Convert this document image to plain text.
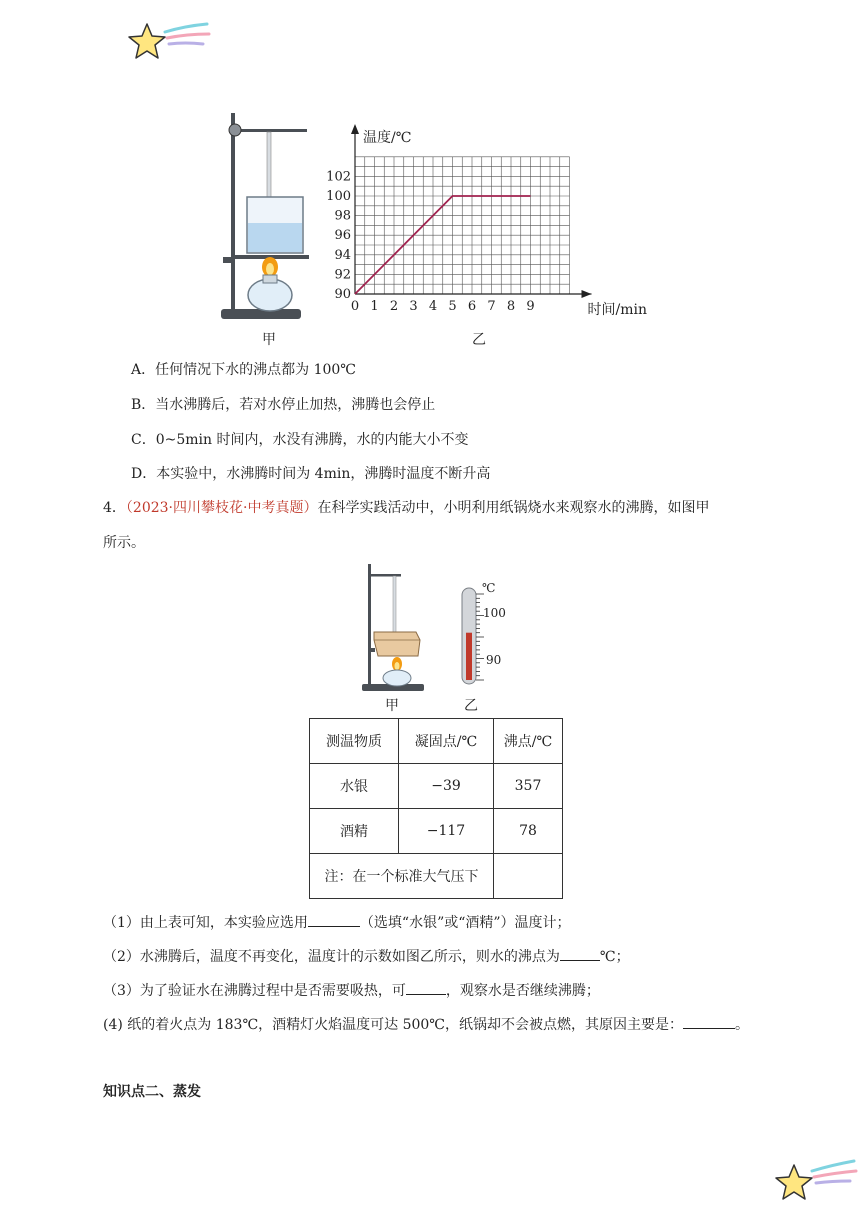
甲
0 1 2 3 4 5 6 7 8 9
90
92
94
96
98
100
102
温度/℃
时间/min
乙
A．任何情况下水的沸点都为 100℃
B．当水沸腾后，若对水停止加热，沸腾也会停止
C．0~5min 时间内，水没有沸腾，水的内能大小不变
D．本实验中，水沸腾时间为 4min，沸腾时温度不断升高
4．（2023·四川攀枝花·中考真题）在科学实践活动中，小明利用纸锅烧水来观察水的沸腾，如图甲
所示。
甲
℃
100
90
乙
测温物质	凝固点/℃	沸点/℃
水银	−39	357
酒精	−117	78
注：在一个标准大气压下		
（1）由上表可知，本实验应选用	（选填“水银”或“酒精”）温度计；
（2）水沸腾后，温度不再变化，温度计的示数如图乙所示，则水的沸点为	℃；
（3）为了验证水在沸腾过程中是否需要吸热，可	，观察水是否继续沸腾；
(4) 纸的着火点为 183℃，酒精灯火焰温度可达 500℃，纸锅却不会被点燃，其原因主要是：	。
知识点二、蒸发
